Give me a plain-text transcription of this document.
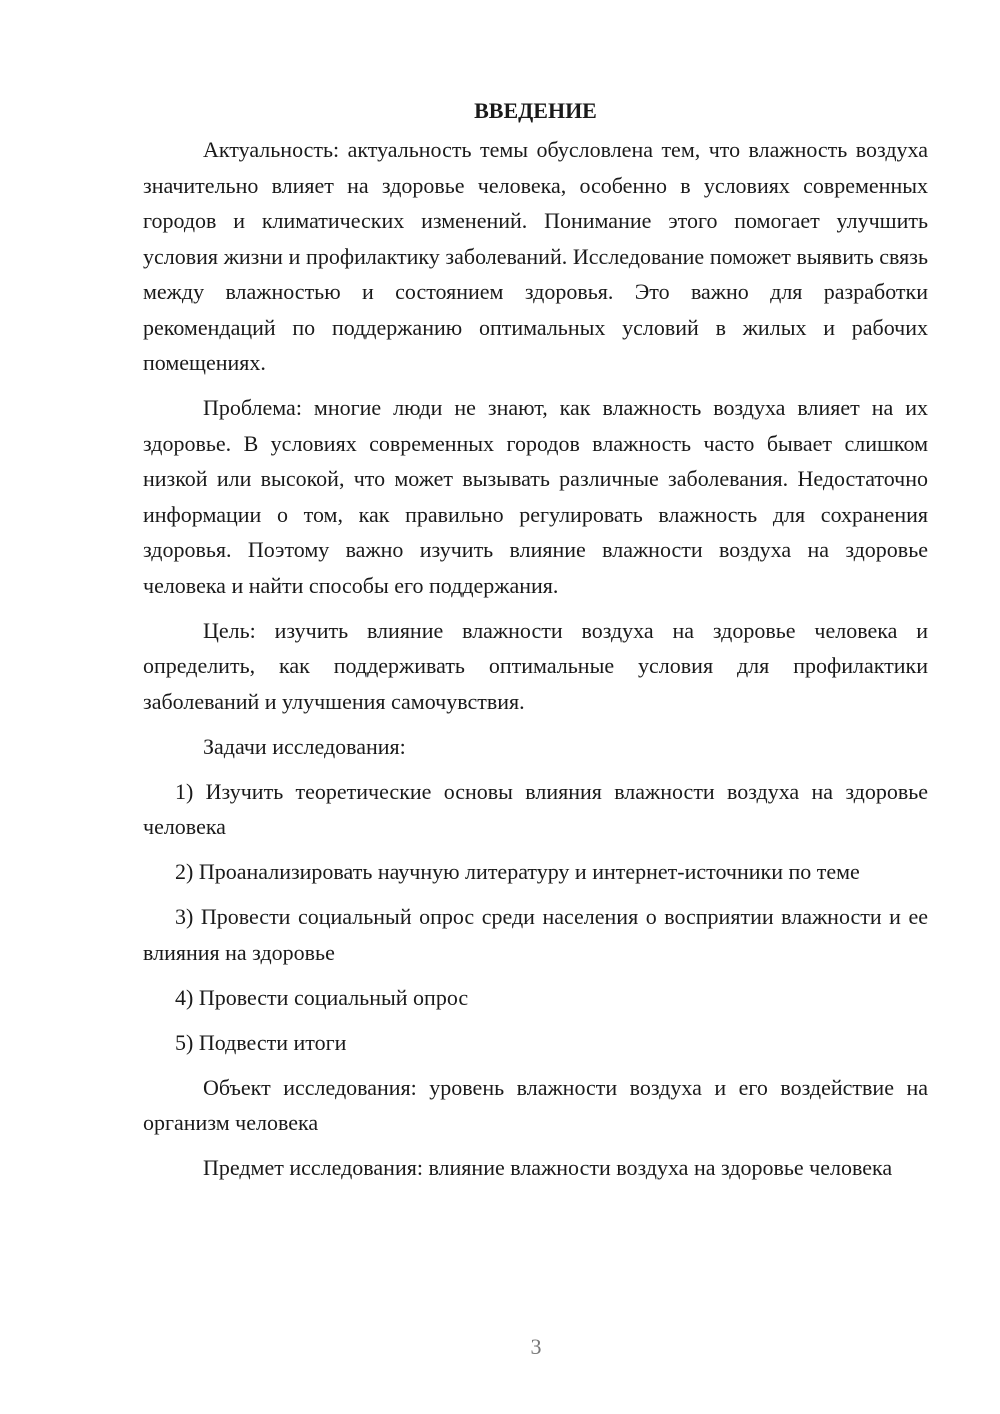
ВВЕДЕНИЕ

Актуальность: актуальность темы обусловлена тем, что влажность воздуха значительно влияет на здоровье человека, особенно в условиях современных городов и климатических изменений. Понимание этого помогает улучшить условия жизни и профилактику заболеваний. Исследование поможет выявить связь между влажностью и состоянием здоровья. Это важно для разработки рекомендаций по поддержанию оптимальных условий в жилых и рабочих помещениях.

Проблема: многие люди не знают, как влажность воздуха влияет на их здоровье. В условиях современных городов влажность часто бывает слишком низкой или высокой, что может вызывать различные заболевания. Недостаточно информации о том, как правильно регулировать влажность для сохранения здоровья. Поэтому важно изучить влияние влажности воздуха на здоровье человека и найти способы его поддержания.

Цель: изучить влияние влажности воздуха на здоровье человека и определить, как поддерживать оптимальные условия для профилактики заболеваний и улучшения самочувствия.

Задачи исследования:

1) Изучить теоретические основы влияния влажности воздуха на здоровье человека

2) Проанализировать научную литературу и интернет-источники по теме

3) Провести социальный опрос среди населения о восприятии влажности и ее влияния на здоровье

4) Провести социальный опрос

5) Подвести итоги

Объект исследования: уровень влажности воздуха и его воздействие на организм человека

Предмет исследования: влияние влажности воздуха на здоровье человека

3
